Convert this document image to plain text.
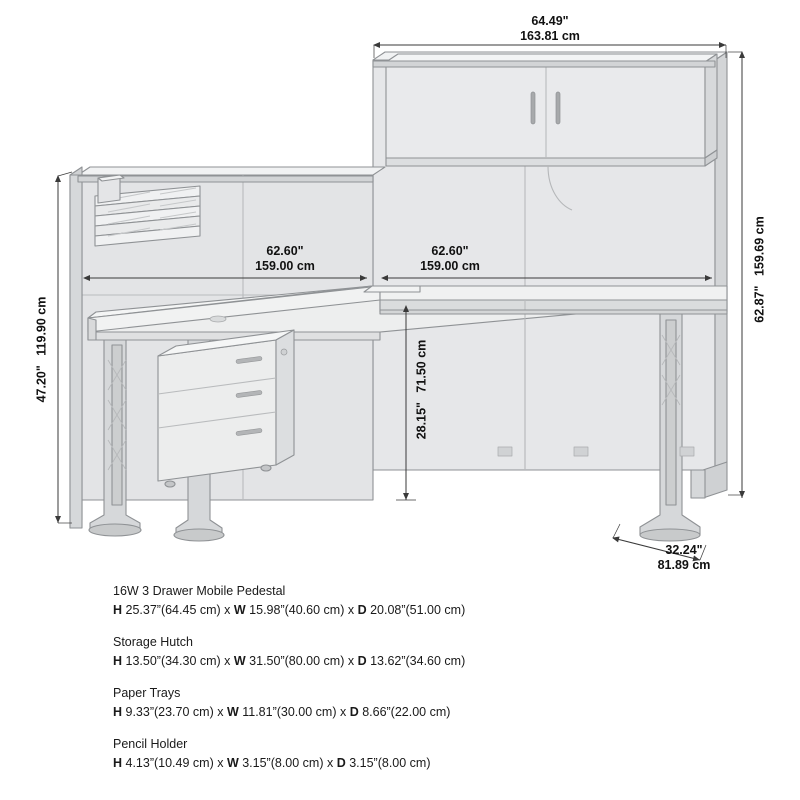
64.49"
163.81 cm
47.20" 119.90 cm
62.60"
159.00 cm
62.60"
159.00 cm
62.87" 159.69 cm
28.15" 71.50 cm
32.24"
81.89 cm
16W 3 Drawer Mobile Pedestal
H 25.37”(64.45 cm) x W 15.98”(40.60 cm) x D 20.08”(51.00 cm)
Storage Hutch
H 13.50”(34.30 cm) x W 31.50”(80.00 cm) x D 13.62”(34.60 cm)
Paper Trays
H 9.33”(23.70 cm) x W 11.81”(30.00 cm) x D 8.66”(22.00 cm)
Pencil Holder
H 4.13”(10.49 cm) x W 3.15”(8.00 cm) x D 3.15”(8.00 cm)
